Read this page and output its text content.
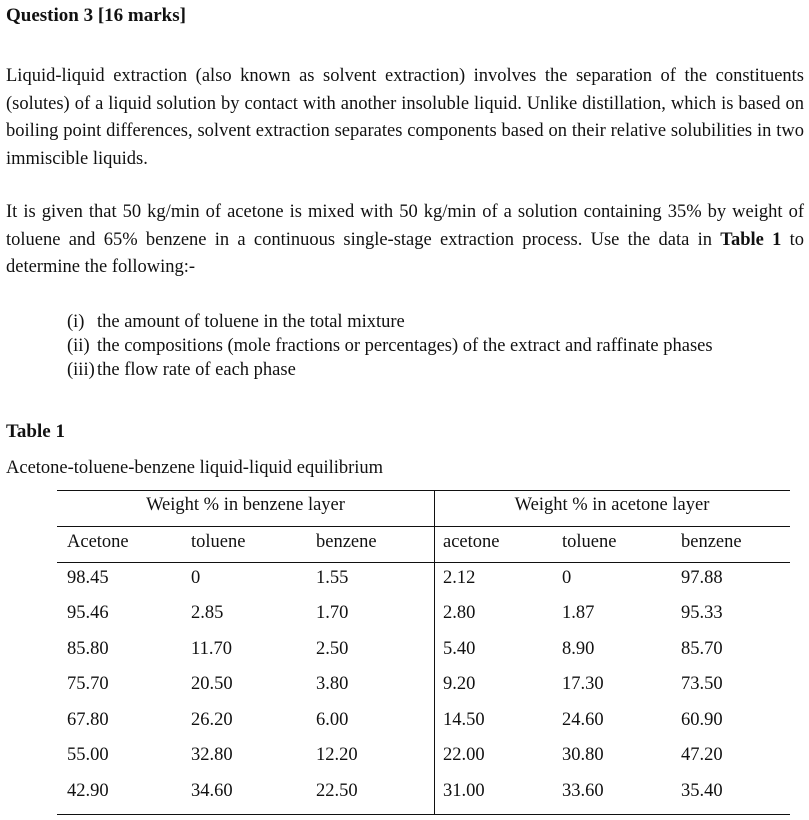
Question 3 [16 marks]

Liquid-liquid extraction (also known as solvent extraction) involves the separation of the constituents (solutes) of a liquid solution by contact with another insoluble liquid. Unlike distillation, which is based on boiling point differences, solvent extraction separates components based on their relative solubilities in two immiscible liquids.

It is given that 50 kg/min of acetone is mixed with 50 kg/min of a solution containing 35% by weight of toluene and 65% benzene in a continuous single-stage extraction process. Use the data in Table 1 to determine the following:-

(i) the amount of toluene in the total mixture
(ii) the compositions (mole fractions or percentages) of the extract and raffinate phases
(iii) the flow rate of each phase
Table 1
Acetone-toluene-benzene liquid-liquid equilibrium
Weight % in benzene layer	Weight % in acetone layer
Acetone	toluene	benzene	acetone	toluene	benzene
98.45	0	1.55	2.12	0	97.88
95.46	2.85	1.70	2.80	1.87	95.33
85.80	11.70	2.50	5.40	8.90	85.70
75.70	20.50	3.80	9.20	17.30	73.50
67.80	26.20	6.00	14.50	24.60	60.90
55.00	32.80	12.20	22.00	30.80	47.20
42.90	34.60	22.50	31.00	33.60	35.40
